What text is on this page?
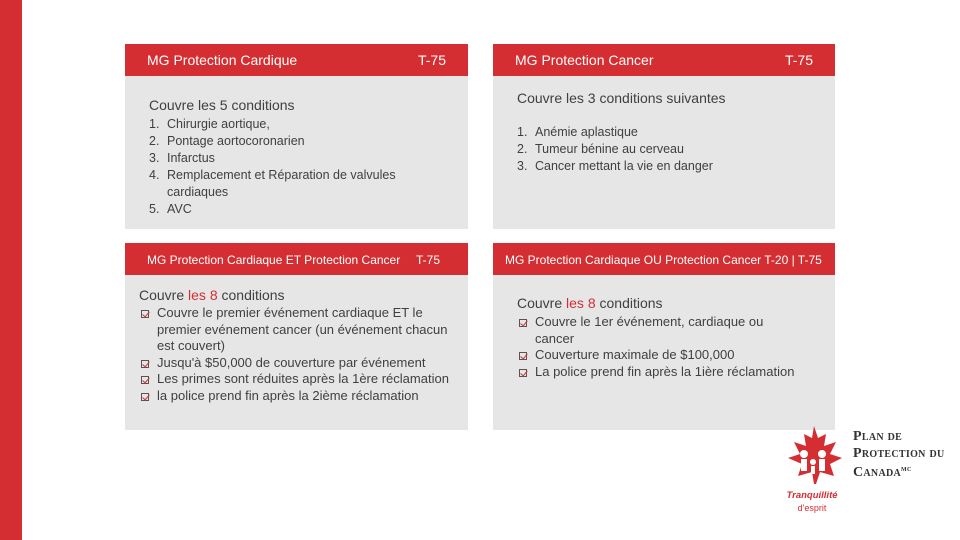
MG Protection Cardique	T-75
Couvre les 5 conditions
1. Chirurgie aortique,
2. Pontage aortocoronarien
3. Infarctus
4. Remplacement et Réparation de valvules cardiaques
5. AVC
MG Protection Cancer	T-75
Couvre les 3 conditions suivantes
1. Anémie aplastique
2. Tumeur bénine au cerveau
3. Cancer mettant la vie en danger
MG Protection Cardiaque ET Protection Cancer T-75
Couvre les 8 conditions
Couvre le premier événement cardiaque ET le premier evénement cancer (un événement chacun est couvert)
Jusqu'à $50,000 de couverture par événement
Les primes sont réduites après la 1ère réclamation
la police prend fin après la 2ième réclamation
MG Protection Cardiaque OU Protection Cancer T-20 | T-75
Couvre les 8 conditions
Couvre le 1er événement, cardiaque ou cancer
Couverture maximale de $100,000
La police prend fin après la 1ière réclamation
Plan de
Protection du
Canada$^{MC}$
Tranquillité
d'esprit
